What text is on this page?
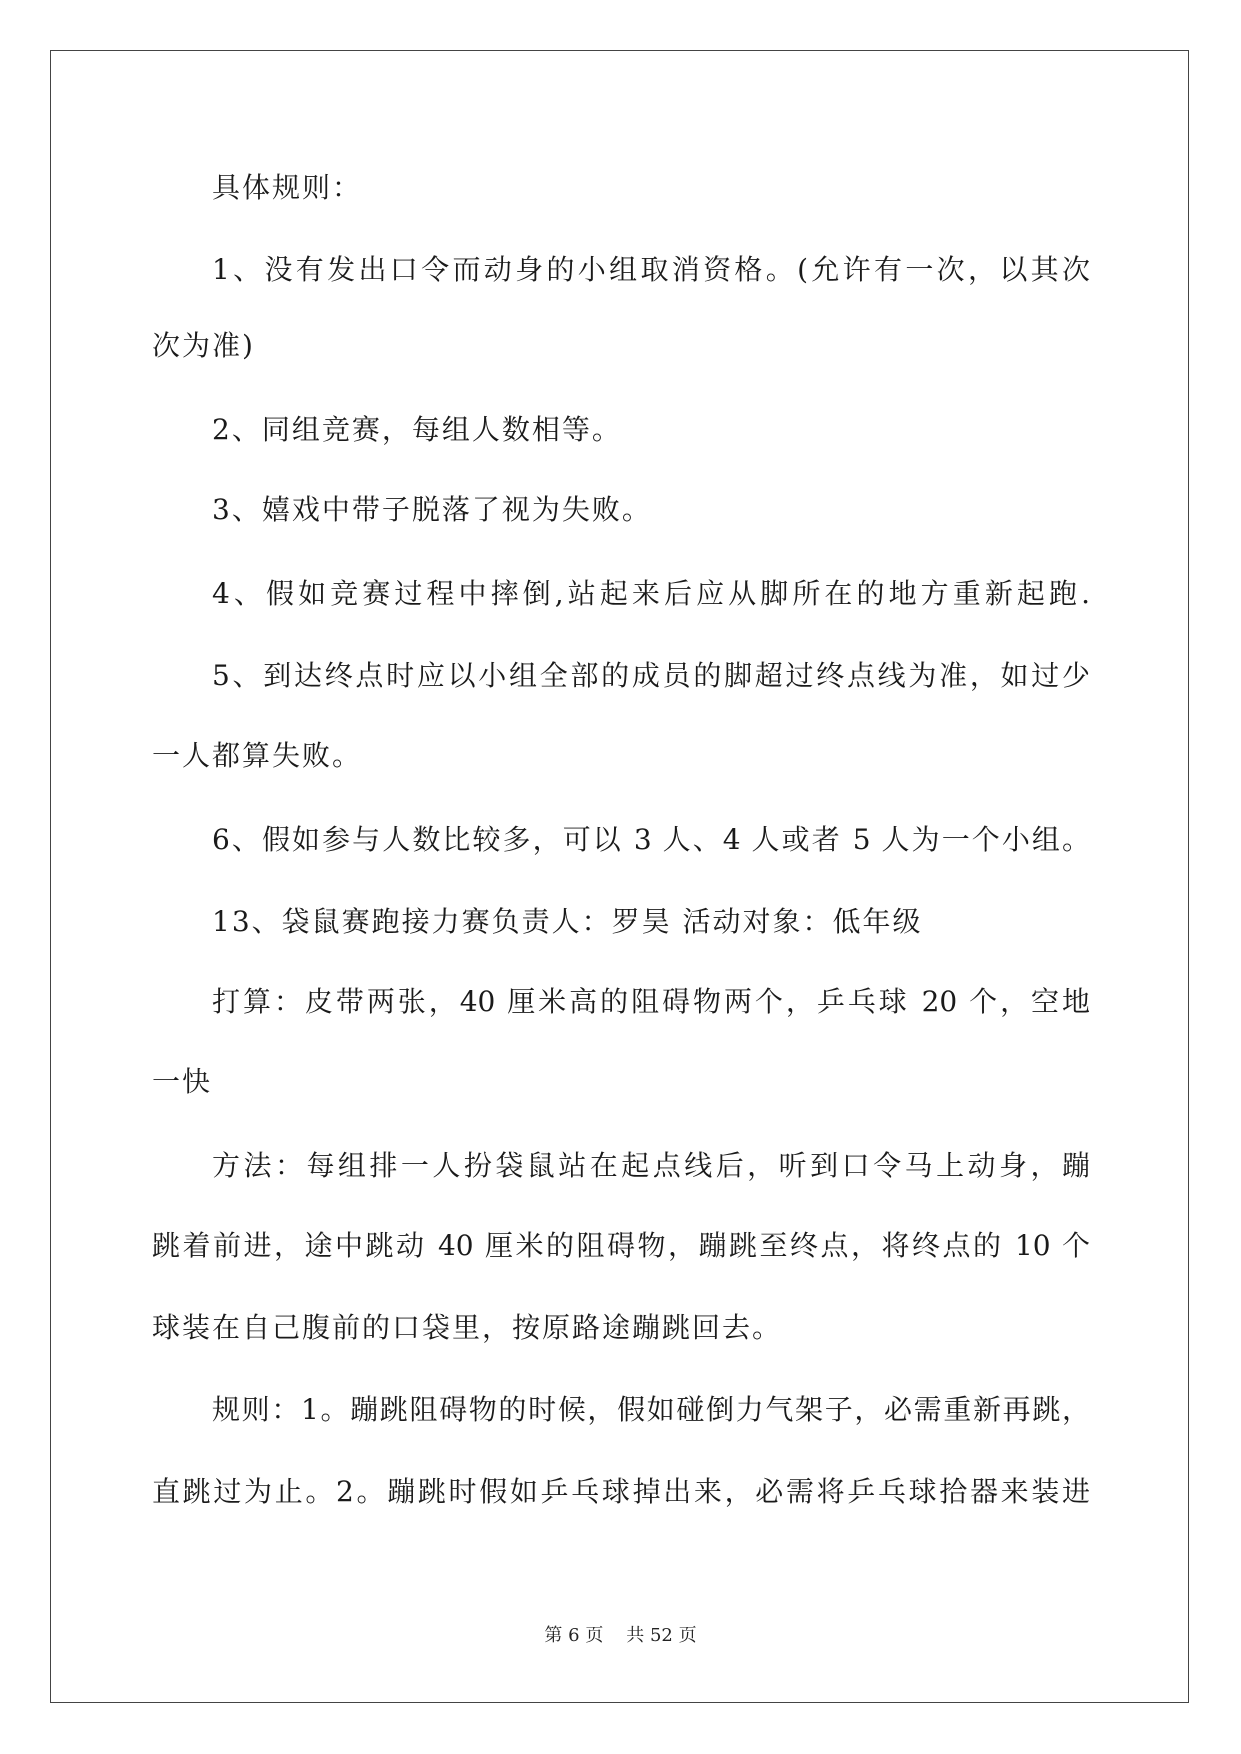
具体规则：
1、没有发出口令而动身的小组取消资格。(允许有一次，以其次
次为准)
2、同组竞赛，每组人数相等。
3、嬉戏中带子脱落了视为失败。
4、假如竞赛过程中摔倒,站起来后应从脚所在的地方重新起跑.
5、到达终点时应以小组全部的成员的脚超过终点线为准，如过少
一人都算失败。
6、假如参与人数比较多，可以 3 人、4 人或者 5 人为一个小组。
13、袋鼠赛跑接力赛负责人：罗昊 活动对象：低年级
打算：皮带两张，40 厘米高的阻碍物两个，乒乓球 20 个，空地
一快
方法：每组排一人扮袋鼠站在起点线后，听到口令马上动身，蹦
跳着前进，途中跳动 40 厘米的阻碍物，蹦跳至终点，将终点的 10 个
球装在自己腹前的口袋里，按原路途蹦跳回去。
规则：1。蹦跳阻碍物的时候，假如碰倒力气架子，必需重新再跳，
直跳过为止。2。蹦跳时假如乒乓球掉出来，必需将乒乓球拾器来装进
第 6 页 共 52 页
